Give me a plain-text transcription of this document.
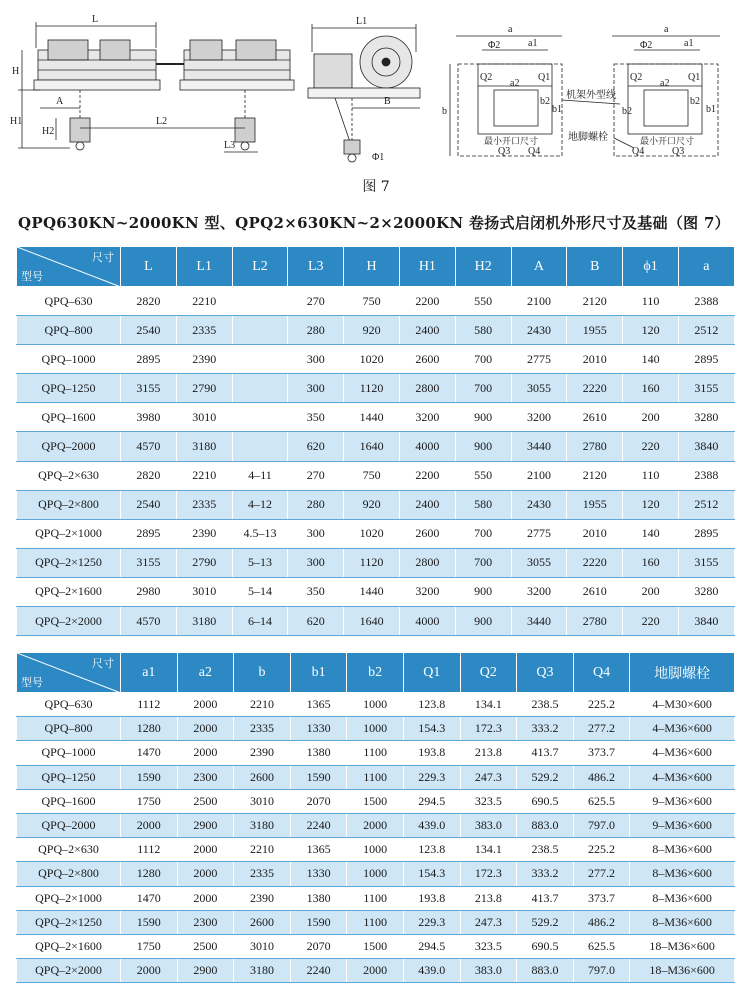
L
H
H1
H2
A
L2
L3
L1
B
Φ1
a
a1
Φ2
a2
Q2	Q1
b	b1
b2
最小开口尺寸
Q3 Q4
机架外型线
地脚螺栓
a
a1
Φ2
a2
Q2	Q1
b1
b2
b2
最小开口尺寸
Q4	Q3
图 7
QPQ630KN~2000KN 型、QPQ2×630KN~2×2000KN 卷扬式启闭机外形尺寸及基础（图 7）
尺寸
型号	L	L1	L2	L3	H	H1	H2	A	B	ϕ1	a
QPQ–630	2820	2210		270	750	2200	550	2100	2120	110	2388
QPQ–800	2540	2335		280	920	2400	580	2430	1955	120	2512
QPQ–1000	2895	2390		300	1020	2600	700	2775	2010	140	2895
QPQ–1250	3155	2790		300	1120	2800	700	3055	2220	160	3155
QPQ–1600	3980	3010		350	1440	3200	900	3200	2610	200	3280
QPQ–2000	4570	3180		620	1640	4000	900	3440	2780	220	3840
QPQ–2×630	2820	2210	4–11	270	750	2200	550	2100	2120	110	2388
QPQ–2×800	2540	2335	4–12	280	920	2400	580	2430	1955	120	2512
QPQ–2×1000	2895	2390	4.5–13	300	1020	2600	700	2775	2010	140	2895
QPQ–2×1250	3155	2790	5–13	300	1120	2800	700	3055	2220	160	3155
QPQ–2×1600	2980	3010	5–14	350	1440	3200	900	3200	2610	200	3280
QPQ–2×2000	4570	3180	6–14	620	1640	4000	900	3440	2780	220	3840
尺寸
型号	a1	a2	b	b1	b2	Q1	Q2	Q3	Q4	地脚螺栓
QPQ–630	1112	2000	2210	1365	1000	123.8	134.1	238.5	225.2	4–M30×600
QPQ–800	1280	2000	2335	1330	1000	154.3	172.3	333.2	277.2	4–M36×600
QPQ–1000	1470	2000	2390	1380	1100	193.8	213.8	413.7	373.7	4–M36×600
QPQ–1250	1590	2300	2600	1590	1100	229.3	247.3	529.2	486.2	4–M36×600
QPQ–1600	1750	2500	3010	2070	1500	294.5	323.5	690.5	625.5	9–M36×600
QPQ–2000	2000	2900	3180	2240	2000	439.0	383.0	883.0	797.0	9–M36×600
QPQ–2×630	1112	2000	2210	1365	1000	123.8	134.1	238.5	225.2	8–M36×600
QPQ–2×800	1280	2000	2335	1330	1000	154.3	172.3	333.2	277.2	8–M36×600
QPQ–2×1000	1470	2000	2390	1380	1100	193.8	213.8	413.7	373.7	8–M36×600
QPQ–2×1250	1590	2300	2600	1590	1100	229.3	247.3	529.2	486.2	8–M36×600
QPQ–2×1600	1750	2500	3010	2070	1500	294.5	323.5	690.5	625.5	18–M36×600
QPQ–2×2000	2000	2900	3180	2240	2000	439.0	383.0	883.0	797.0	18–M36×600
